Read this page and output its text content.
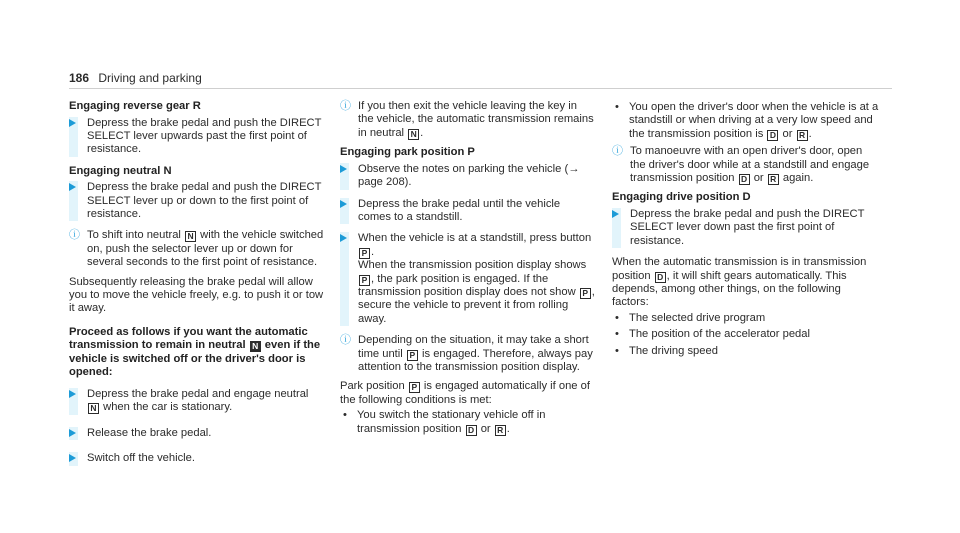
186 Driving and parking
Engaging reverse gear R
Depress the brake pedal and push the DIRECT SELECT lever upwards past the first point of resistance.
Engaging neutral N
Depress the brake pedal and push the DIRECT SELECT lever up or down to the first point of resistance.
ⓘ To shift into neutral N with the vehicle switched on, push the selector lever up or down for several seconds to the first point of resistance.
Subsequently releasing the brake pedal will allow you to move the vehicle freely, e.g. to push it or tow it away.
Proceed as follows if you want the automatic transmission to remain in neutral N even if the vehicle is switched off or the driver's door is opened:
Depress the brake pedal and engage neutral
N when the car is stationary.
Release the brake pedal.
Switch off the vehicle.
ⓘ If you then exit the vehicle leaving the key in the vehicle, the automatic transmission remains in neutral N .
Engaging park position P
Observe the notes on parking the vehicle (→ page 208).
Depress the brake pedal until the vehicle comes to a standstill.
When the vehicle is at a standstill, press button P .
When the transmission position display shows P , the park position is engaged. If the transmission position display does not show P , secure the vehicle to prevent it from rolling away.
ⓘ Depending on the situation, it may take a short time until P is engaged. Therefore, always pay attention to the transmission position display.
Park position P is engaged automatically if one of the following conditions is met:
• You switch the stationary vehicle off in transmission position D or R .
• You open the driver's door when the vehicle is at a standstill or when driving at a very low speed and the transmission position is D or R .
ⓘ To manoeuvre with an open driver's door, open the driver's door while at a standstill and engage transmission position D or R again.
Engaging drive position D
Depress the brake pedal and push the DIRECT SELECT lever down past the first point of resistance.
When the automatic transmission is in transmission position D , it will shift gears automatically. This depends, among other things, on the following factors:
• The selected drive program
• The position of the accelerator pedal
• The driving speed
